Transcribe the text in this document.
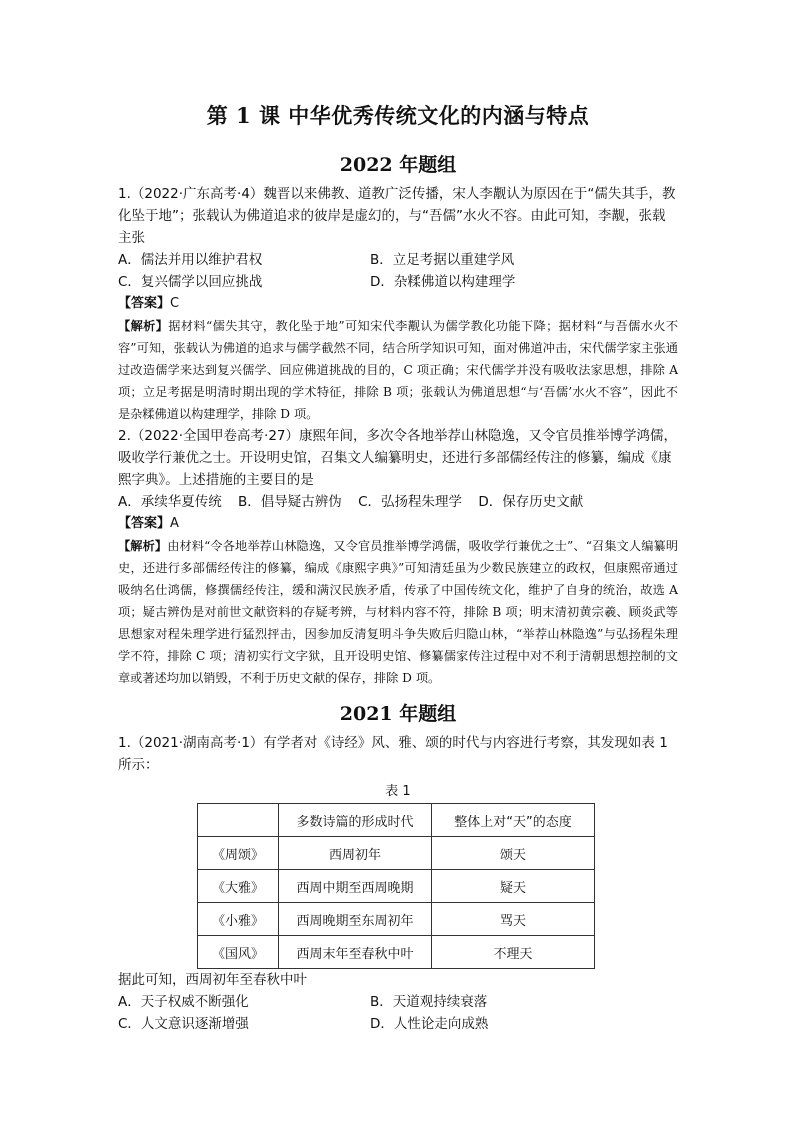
第 1 课 中华优秀传统文化的内涵与特点
2022 年题组

1.（2022·广东高考·4）魏晋以来佛教、道教广泛传播，宋人李觏认为原因在于“儒失其手，教化坠于地”；张载认为佛道追求的彼岸是虚幻的，与“吾儒”水火不容。由此可知，李觏，张载主张

A．儒法并用以维护君权	B．立足考据以重建学风
C．复兴儒学以回应挑战	D．杂糅佛道以构建理学
【答案】C
【解析】据材料“儒失其守，教化坠于地”可知宋代李觏认为儒学教化功能下降；据材料“与吾儒水火不容”可知，张载认为佛道的追求与儒学截然不同，结合所学知识可知，面对佛道冲击，宋代儒学家主张通过改造儒学来达到复兴儒学、回应佛道挑战的目的，C 项正确；宋代儒学并没有吸收法家思想，排除 A 项；立足考据是明清时期出现的学术特征，排除 B 项；张载认为佛道思想“与‘吾儒’水火不容”，因此不是杂糅佛道以构建理学，排除 D 项。

2.（2022·全国甲卷高考·27）康熙年间，多次令各地举荐山林隐逸，又令官员推举博学鸿儒，吸收学行兼优之士。开设明史馆，召集文人编纂明史，还进行多部儒经传注的修纂，编成《康熙字典》。上述措施的主要目的是

A．承续华夏传统 B．倡导疑古辨伪 C．弘扬程朱理学 D．保存历史文献
【答案】A
【解析】由材料“令各地举荐山林隐逸，又令官员推举博学鸿儒，吸收学行兼优之士”、“召集文人编纂明史，还进行多部儒经传注的修纂，编成《康熙字典》”可知清廷虽为少数民族建立的政权，但康熙帝通过吸纳名仕鸿儒，修撰儒经传注，缓和满汉民族矛盾，传承了中国传统文化，维护了自身的统治，故选 A 项；疑古辨伪是对前世文献资料的存疑考辨，与材料内容不符，排除 B 项；明末清初黄宗羲、顾炎武等思想家对程朱理学进行猛烈抨击，因参加反清复明斗争失败后归隐山林，“举荐山林隐逸”与弘扬程朱理学不符，排除 C 项；清初实行文字狱，且开设明史馆、修纂儒家传注过程中对不利于清朝思想控制的文章或著述均加以销毁，不利于历史文献的保存，排除 D 项。
2021 年题组

1.（2021·湖南高考·1）有学者对《诗经》风、雅、颂的时代与内容进行考察，其发现如表 1 所示：

表 1
	多数诗篇的形成时代	整体上对“天”的态度
《周颂》	西周初年	颂天
《大雅》	西周中期至西周晚期	疑天
《小雅》	西周晚期至东周初年	骂天
《国风》	西周末年至春秋中叶	不理天

据此可知，西周初年至春秋中叶

A．天子权威不断强化	B．天道观持续衰落
C．人文意识逐渐增强	D．人性论走向成熟
